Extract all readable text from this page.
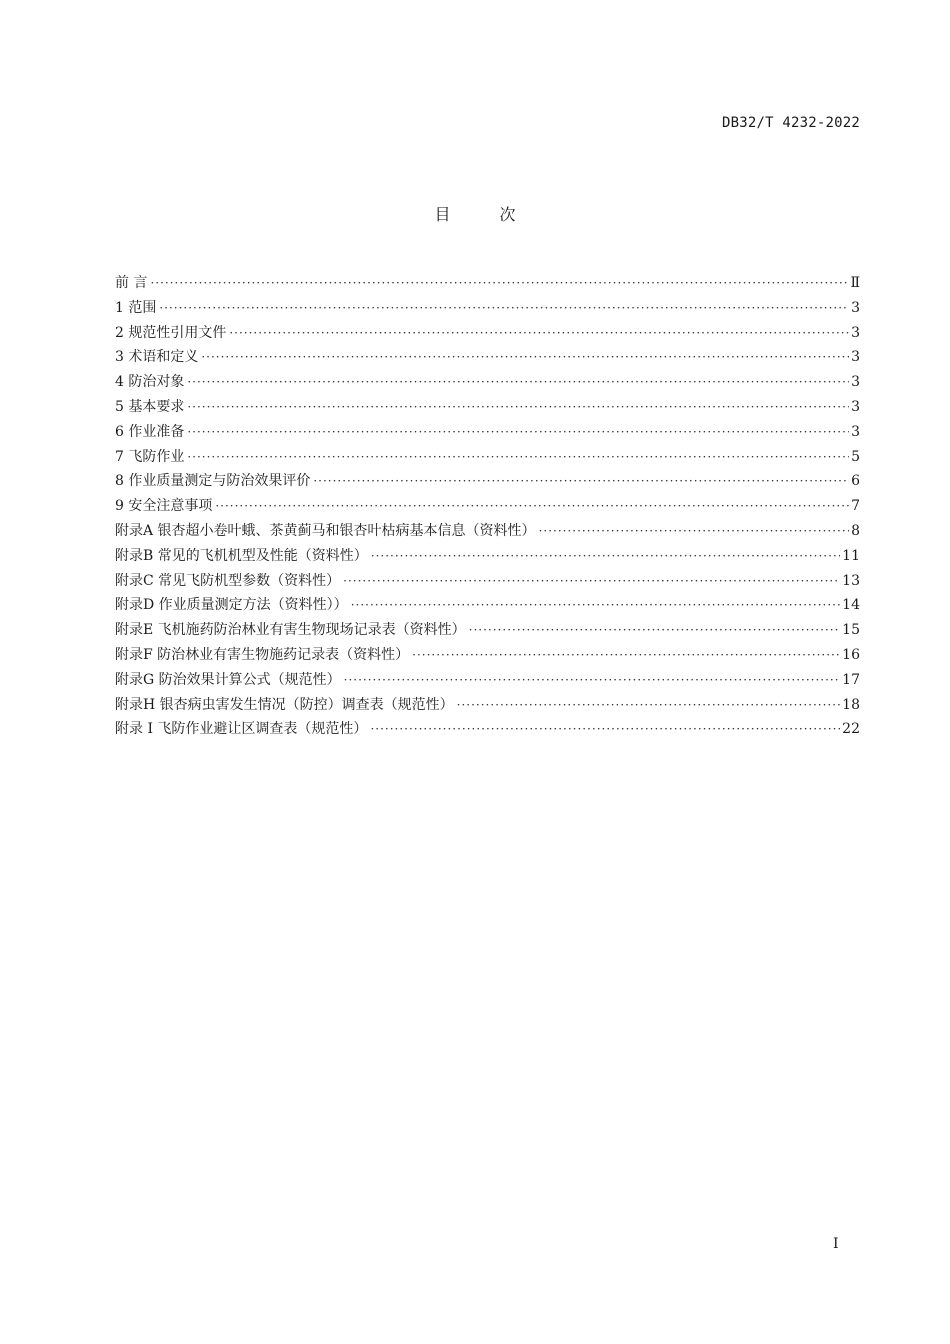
DB32/T 4232-2022
目 次
前 言 ·····	Ⅱ
1 范围 ·····	3
2 规范性引用文件 ·····	3
3 术语和定义 ·····	3
4 防治对象 ·····	3
5 基本要求 ·····	3
6 作业准备 ·····	3
7 飞防作业 ·····	5
8 作业质量测定与防治效果评价 ·····	6
9 安全注意事项 ·····	7
附录A 银杏超小卷叶蛾、茶黄蓟马和银杏叶枯病基本信息（资料性） ·····	8
附录B 常见的飞机机型及性能（资料性） ·····	11
附录C 常见飞防机型参数（资料性） ·····	13
附录D 作业质量测定方法（资料性）） ·····	14
附录E 飞机施药防治林业有害生物现场记录表（资料性） ·····	15
附录F 防治林业有害生物施药记录表（资料性） ·····	16
附录G 防治效果计算公式（规范性） ·····	17
附录H 银杏病虫害发生情况（防控）调查表（规范性） ·····	18
附录 I 飞防作业避让区调查表（规范性） ·····	22
I
